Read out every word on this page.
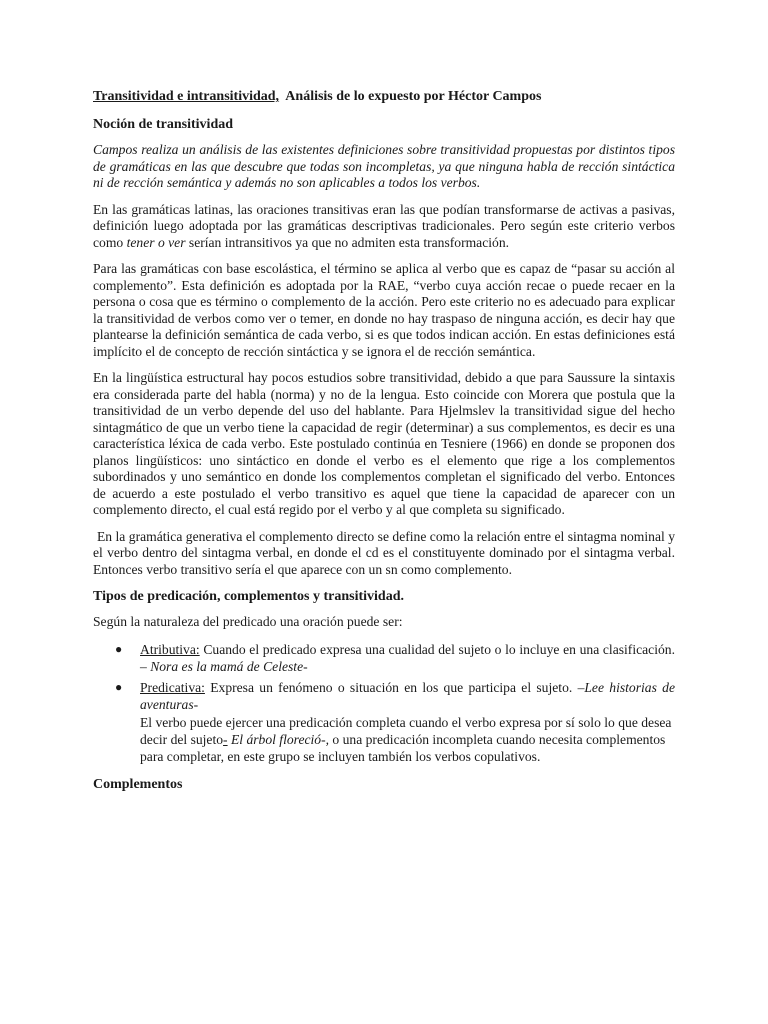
Transitividad e intransitividad, Análisis de lo expuesto por Héctor Campos

Noción de transitividad

Campos realiza un análisis de las existentes definiciones sobre transitividad propuestas por distintos tipos de gramáticas en las que descubre que todas son incompletas, ya que ninguna habla de rección sintáctica ni de rección semántica y además no son aplicables a todos los verbos.

En las gramáticas latinas, las oraciones transitivas eran las que podían transformarse de activas a pasivas, definición luego adoptada por las gramáticas descriptivas tradicionales. Pero según este criterio verbos como tener o ver serían intransitivos ya que no admiten esta transformación.

Para las gramáticas con base escolástica, el término se aplica al verbo que es capaz de “pasar su acción al complemento”. Esta definición es adoptada por la RAE, “verbo cuya acción recae o puede recaer en la persona o cosa que es término o complemento de la acción. Pero este criterio no es adecuado para explicar la transitividad de verbos como ver o temer, en donde no hay traspaso de ninguna acción, es decir hay que plantearse la definición semántica de cada verbo, si es que todos indican acción. En estas definiciones está implícito el de concepto de rección sintáctica y se ignora el de rección semántica.

En la lingüística estructural hay pocos estudios sobre transitividad, debido a que para Saussure la sintaxis era considerada parte del habla (norma) y no de la lengua. Esto coincide con Morera que postula que la transitividad de un verbo depende del uso del hablante. Para Hjelmslev la transitividad sigue del hecho sintagmático de que un verbo tiene la capacidad de regir (determinar) a sus complementos, es decir es una característica léxica de cada verbo. Este postulado continúa en Tesniere (1966) en donde se proponen dos planos lingüísticos: uno sintáctico en donde el verbo es el elemento que rige a los complementos subordinados y uno semántico en donde los complementos completan el significado del verbo. Entonces de acuerdo a este postulado el verbo transitivo es aquel que tiene la capacidad de aparecer con un complemento directo, el cual está regido por el verbo y al que completa su significado.

En la gramática generativa el complemento directo se define como la relación entre el sintagma nominal y el verbo dentro del sintagma verbal, en donde el cd es el constituyente dominado por el sintagma verbal. Entonces verbo transitivo sería el que aparece con un sn como complemento.

Tipos de predicación, complementos y transitividad.

Según la naturaleza del predicado una oración puede ser:

● Atributiva: Cuando el predicado expresa una cualidad del sujeto o lo incluye en una clasificación. – Nora es la mamá de Celeste-
● Predicativa: Expresa un fenómeno o situación en los que participa el sujeto. –Lee historias de aventuras-
El verbo puede ejercer una predicación completa cuando el verbo expresa por sí solo lo que desea decir del sujeto- El árbol floreció-, o una predicación incompleta cuando necesita complementos para completar, en este grupo se incluyen también los verbos copulativos.

Complementos
